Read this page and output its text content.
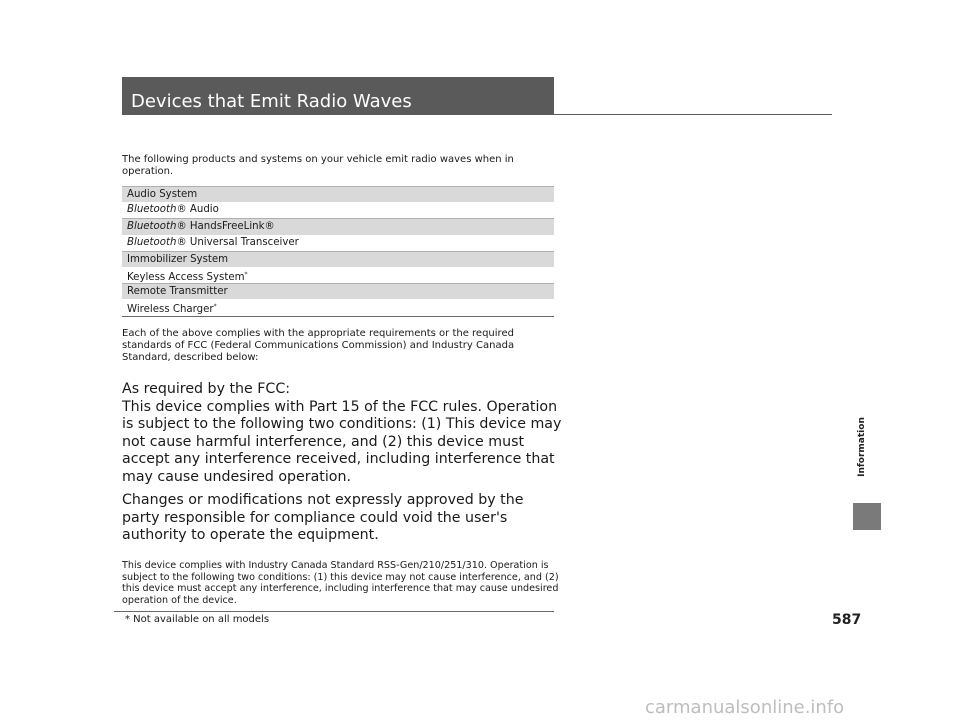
Devices that Emit Radio Waves
The following products and systems on your vehicle emit radio waves when in operation.
Audio System
Bluetooth® Audio
Bluetooth® HandsFreeLink®
Bluetooth® Universal Transceiver
Immobilizer System
Keyless Access System*
Remote Transmitter
Wireless Charger*
Each of the above complies with the appropriate requirements or the required standards of FCC (Federal Communications Commission) and Industry Canada Standard, described below:
As required by the FCC:
This device complies with Part 15 of the FCC rules. Operation is subject to the following two conditions: (1) This device may not cause harmful interference, and (2) this device must accept any interference received, including interference that may cause undesired operation.
Changes or modifications not expressly approved by the party responsible for compliance could void the user's authority to operate the equipment.
This device complies with Industry Canada Standard RSS-Gen/210/251/310. Operation is subject to the following two conditions: (1) this device may not cause interference, and (2) this device must accept any interference, including interference that may cause undesired operation of the device.
* Not available on all models	587
Information
carmanualsonline.info
